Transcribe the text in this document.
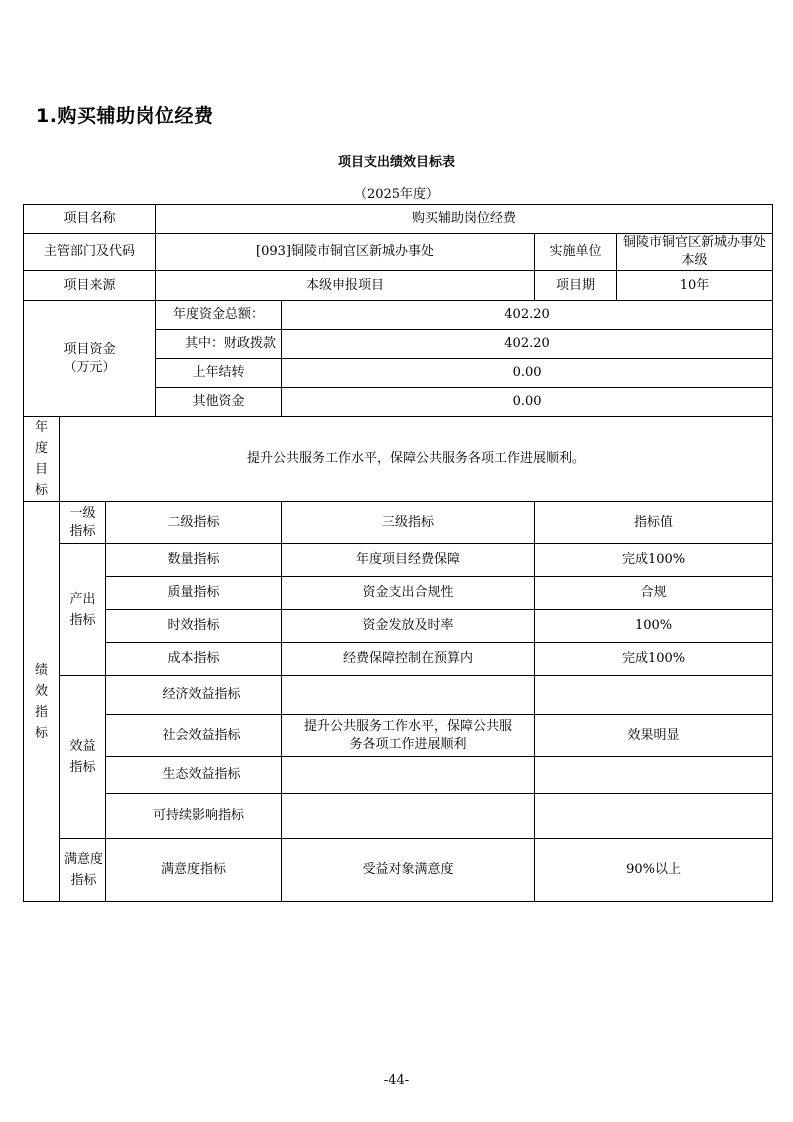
1.购买辅助岗位经费
项目支出绩效目标表
（2025年度）
项目名称			购买辅助岗位经费			
主管部门及代码			[093]铜陵市铜官区新城办事处		实施单位	铜陵市铜官区新城办事处本级
项目来源			本级申报项目		项目期	10年

项目资金
（万元）			年度资金总额：	402.20		
			其中：财政拨款	402.20		
			上年结转	0.00		
			其他资金	0.00		
年度目标	提升公共服务工作水平，保障公共服务各项工作进展顺利。					
绩效指标	一级指标	二级指标		三级指标	指标值	
	产出指标	数量指标		年度项目经费保障	完成100%	
		质量指标		资金支出合规性	合规	
		时效指标		资金发放及时率	100%	
		成本指标		经费保障控制在预算内	完成100%	
	效益指标	经济效益指标				
		社会效益指标		提升公共服务工作水平，保障公共服务各项工作进展顺利	效果明显	
		生态效益指标				
		可持续影响指标				
	满意度指标	满意度指标		受益对象满意度	90%以上	
-44-
